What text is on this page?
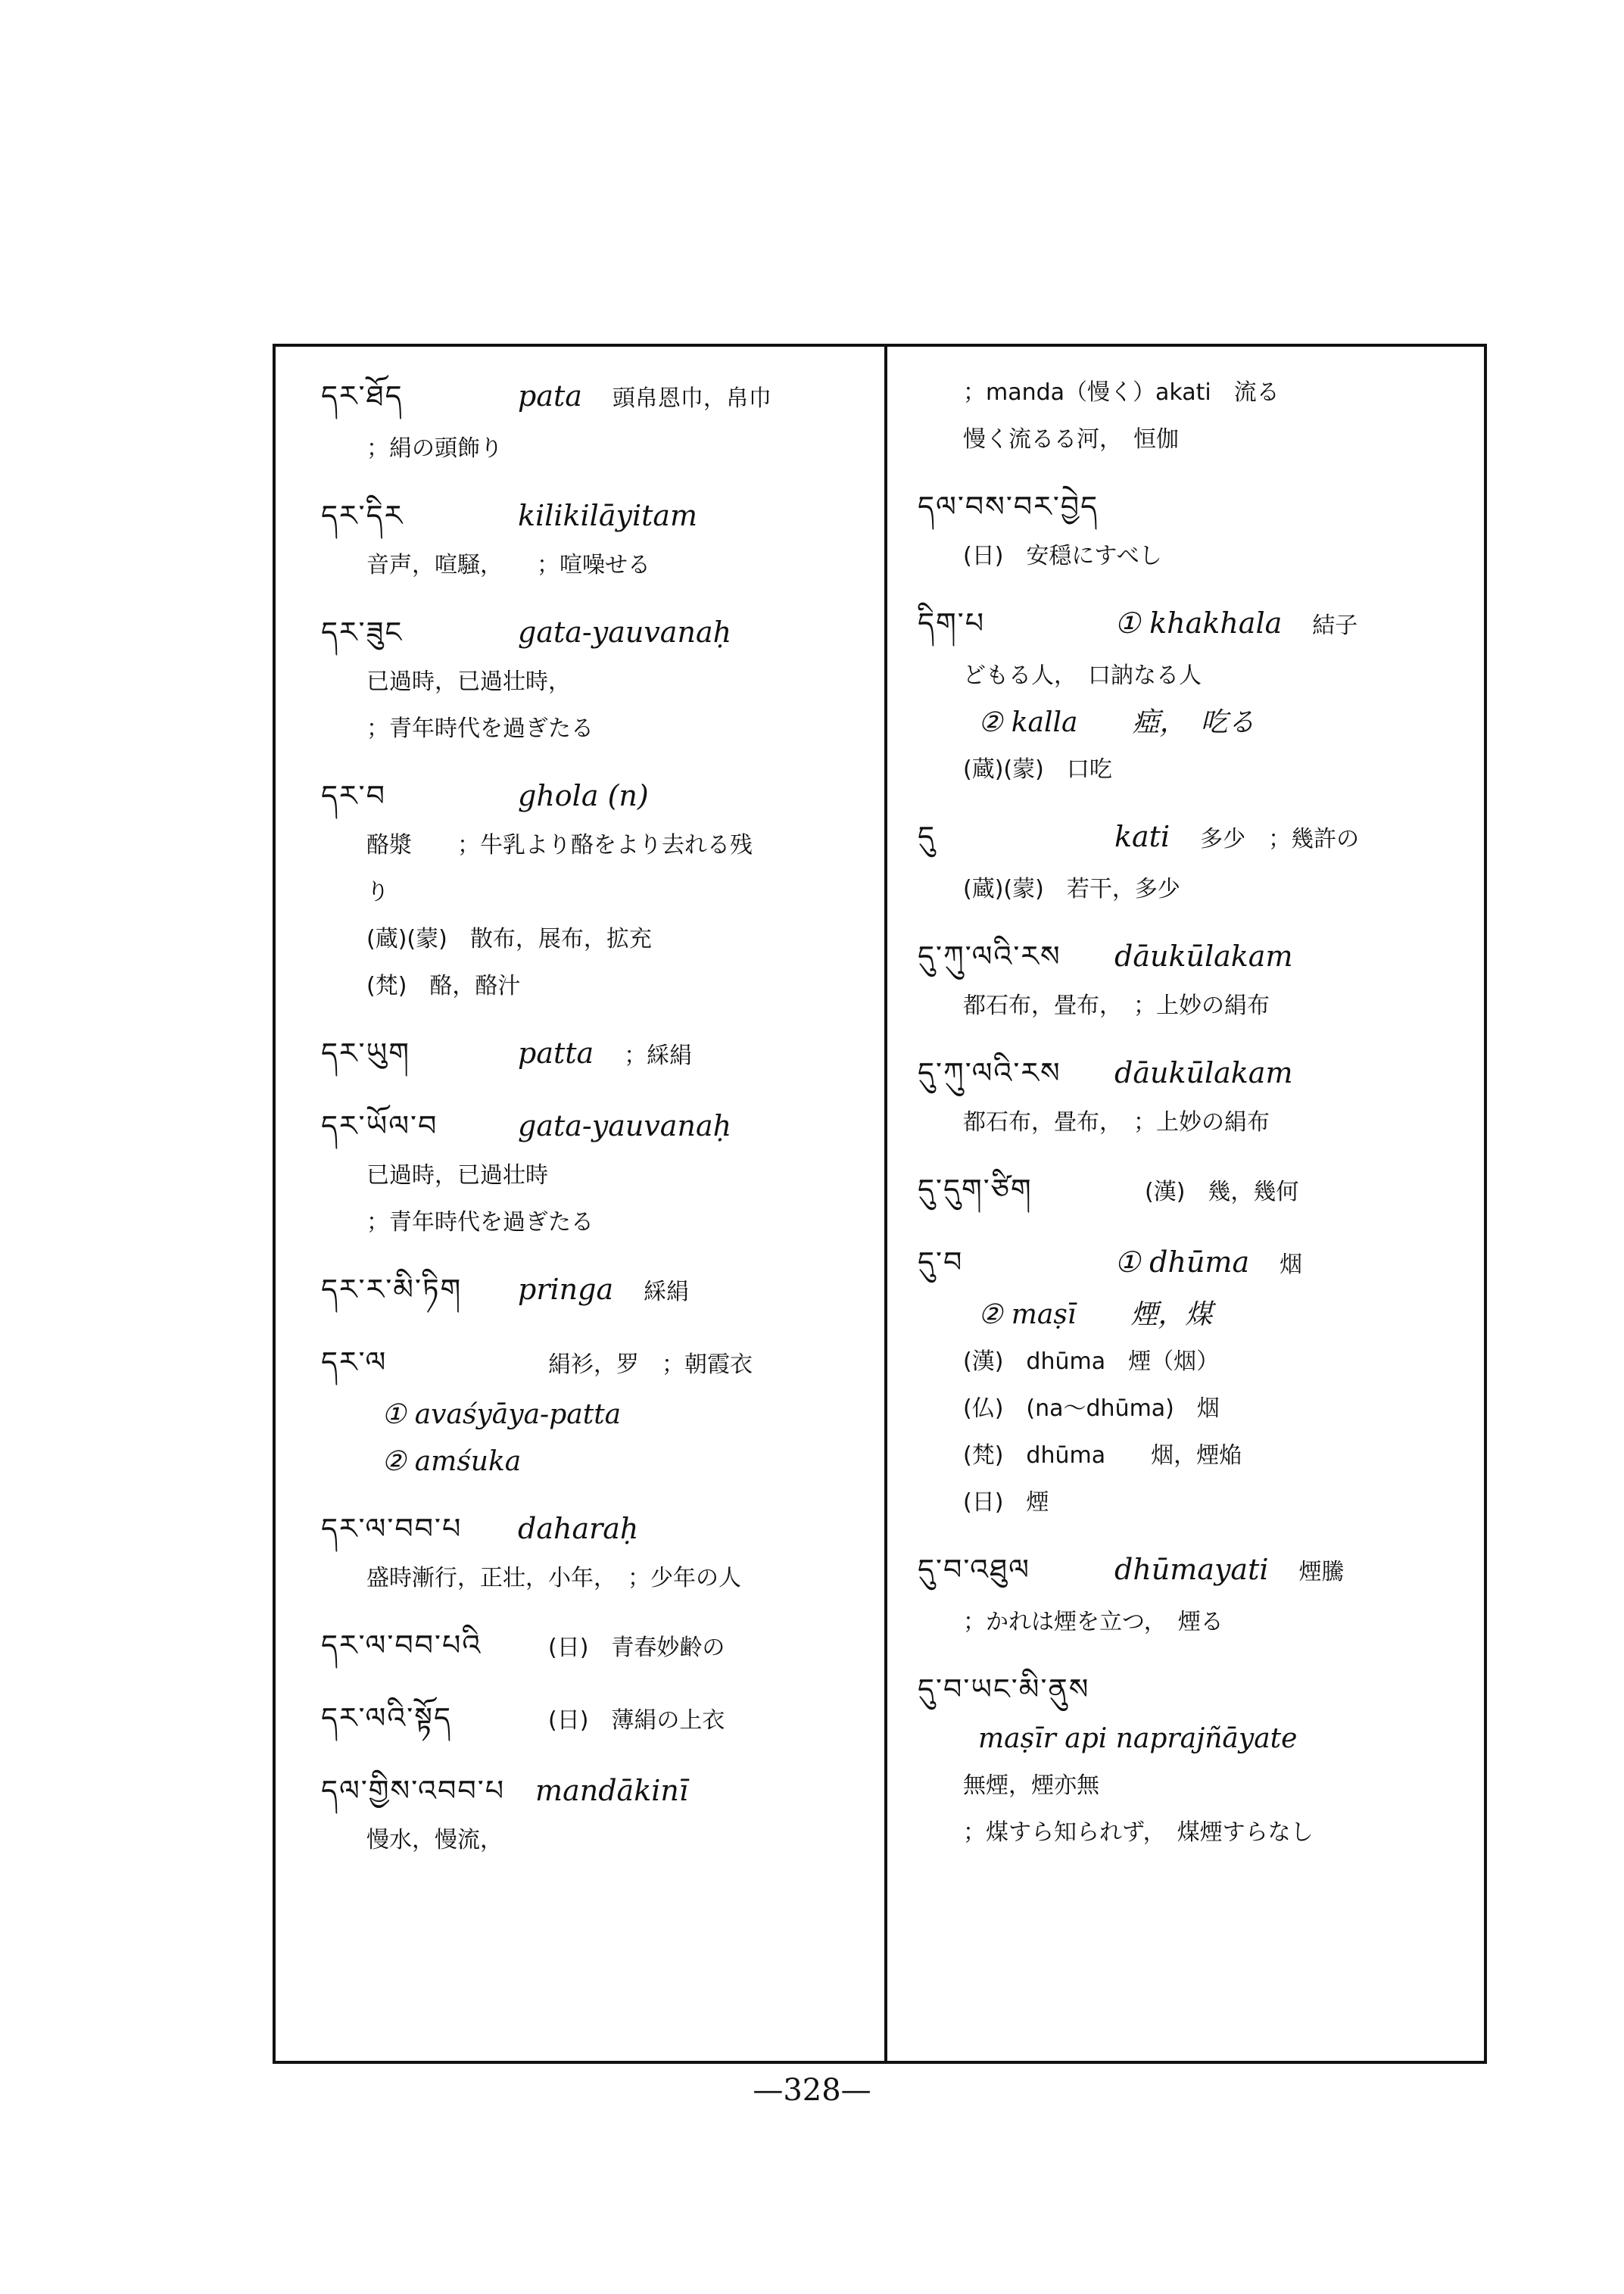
དར་ཐོད	pata 頭帛恩巾，帛巾
；絹の頭飾り
དར་དིར	kilikilāyitam
音声，喧騒，　　；喧噪せる
དར་ཟུང	gata-yauvanaḥ
已過時，已過壮時，
；青年時代を過ぎたる
དར་བ	ghola (n)
酪漿　　；牛乳より酪をより去れる残
り
(蔵)(蒙)　散布，展布，拡充
(梵)　酪，酪汁
དར་ཡུག	patta ；綵絹
དར་ཡོལ་བ	gata-yauvanaḥ
已過時，已過壮時
；青年時代を過ぎたる
དར་ར་མི་ཏིག	pringa 綵絹
དར་ལ	絹衫，罗　；朝霞衣
① avaśyāya-patta
② amśuka
དར་ལ་བབ་པ	daharaḥ
盛時漸行，正壮，小年，　；少年の人
དར་ལ་བབ་པའི	(日)　青春妙齢の
དར་ལའི་སྟོད	(日)　薄絹の上衣
དལ་གྱིས་འབབ་པ mandākinī
慢水，慢流，
；manda（慢く）akati　流る
慢く流るる河，　恒伽
དལ་བས་བར་བྱེད
(日)　安穏にすべし
དིག་པ	① khakhala 結子
どもる人，　口訥なる人
② kalla　　瘂，　吃る
(蔵)(蒙)　口吃
དུ	kati 多少　；幾許の
(蔵)(蒙)　若干，多少
དུ་ཀུ་ལའི་རས	dāukūlakam
都石布，畳布，　；上妙の絹布
དུ་ཀུ་ལའི་རས	dāukūlakam
都石布，畳布，　；上妙の絹布
དུ་དུག་ཙིག	(漢)　幾，幾何
དུ་བ	① dhūma 烟
② maṣī　　煙，煤
(漢)　dhūma　煙（烟）
(仏)　(na〜dhūma)　烟
(梵)　dhūma　　烟，煙焔
(日)　煙
དུ་བ་འཐུལ	dhūmayati 煙騰
；かれは煙を立つ，　煙る
དུ་བ་ཡང་མི་ནུས
maṣīr api naprajñāyate
無煙，煙亦無
；煤すら知られず，　煤煙すらなし
—328—
